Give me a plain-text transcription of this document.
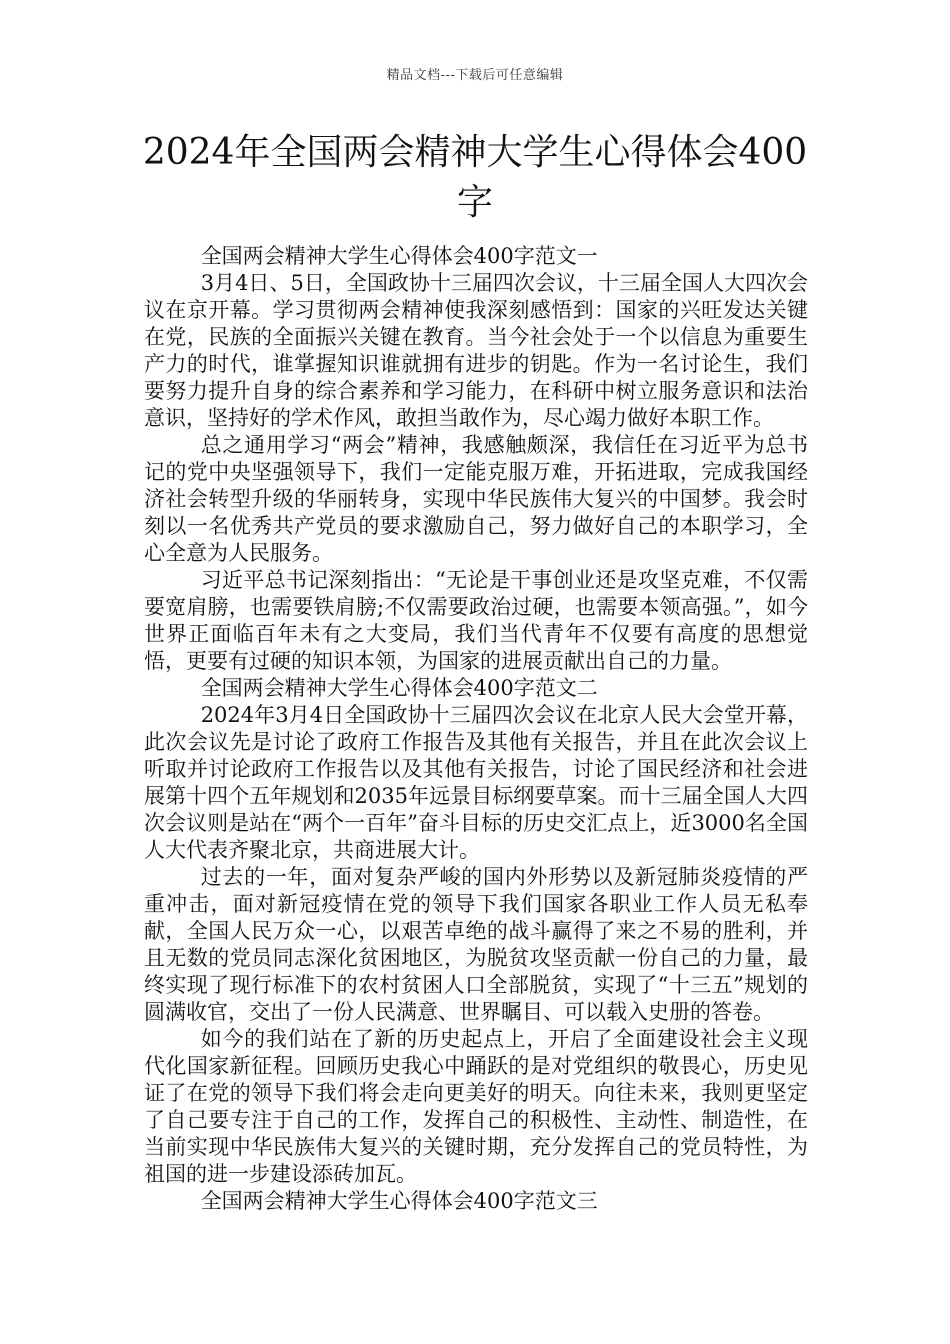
精品文档---下载后可任意编辑
2024年全国两会精神大学生心得体会400字

全国两会精神大学生心得体会400字范文一

3月4日、5日，全国政协十三届四次会议，十三届全国人大四次会议在京开幕。学习贯彻两会精神使我深刻感悟到：国家的兴旺发达关键在党，民族的全面振兴关键在教育。当今社会处于一个以信息为重要生产力的时代，谁掌握知识谁就拥有进步的钥匙。作为一名讨论生，我们要努力提升自身的综合素养和学习能力，在科研中树立服务意识和法治意识，坚持好的学术作风，敢担当敢作为，尽心竭力做好本职工作。

总之通用学习“两会”精神，我感触颇深，我信任在习近平为总书记的党中央坚强领导下，我们一定能克服万难，开拓进取，完成我国经济社会转型升级的华丽转身，实现中华民族伟大复兴的中国梦。我会时刻以一名优秀共产党员的要求激励自己，努力做好自己的本职学习，全心全意为人民服务。

习近平总书记深刻指出：“无论是干事创业还是攻坚克难，不仅需要宽肩膀，也需要铁肩膀;不仅需要政治过硬，也需要本领高强。”，如今世界正面临百年未有之大变局，我们当代青年不仅要有高度的思想觉悟，更要有过硬的知识本领，为国家的进展贡献出自己的力量。

全国两会精神大学生心得体会400字范文二

2024年3月4日全国政协十三届四次会议在北京人民大会堂开幕，此次会议先是讨论了政府工作报告及其他有关报告，并且在此次会议上听取并讨论政府工作报告以及其他有关报告，讨论了国民经济和社会进展第十四个五年规划和2035年远景目标纲要草案。而十三届全国人大四次会议则是站在“两个一百年”奋斗目标的历史交汇点上，近3000名全国人大代表齐聚北京，共商进展大计。

过去的一年，面对复杂严峻的国内外形势以及新冠肺炎疫情的严重冲击，面对新冠疫情在党的领导下我们国家各职业工作人员无私奉献，全国人民万众一心，以艰苦卓绝的战斗赢得了来之不易的胜利，并且无数的党员同志深化贫困地区，为脱贫攻坚贡献一份自己的力量，最终实现了现行标准下的农村贫困人口全部脱贫，实现了“十三五”规划的圆满收官，交出了一份人民满意、世界瞩目、可以载入史册的答卷。

如今的我们站在了新的历史起点上，开启了全面建设社会主义现代化国家新征程。回顾历史我心中踊跃的是对党组织的敬畏心，历史见证了在党的领导下我们将会走向更美好的明天。向往未来，我则更坚定了自己要专注于自己的工作，发挥自己的积极性、主动性、制造性，在当前实现中华民族伟大复兴的关键时期，充分发挥自己的党员特性，为祖国的进一步建设添砖加瓦。

全国两会精神大学生心得体会400字范文三
